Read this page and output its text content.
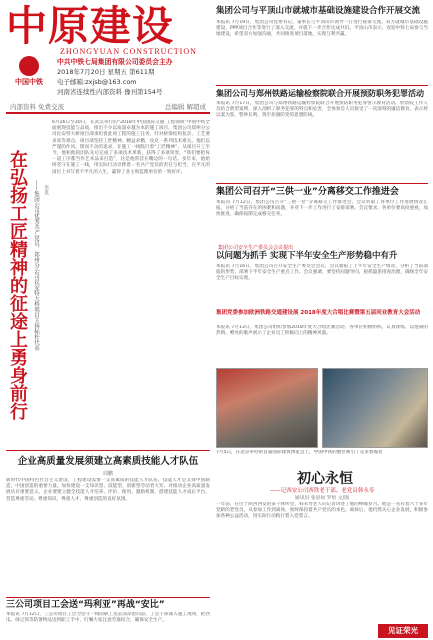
中原建设
ZHONGYUAN CONSTRUCTION
中国中铁
中共中铁七局集团有限公司委员会主办
2018年7月20日 星期五 第611期
电子邮箱:zxjsb@163.com
河南省连续性内部资料 豫刊第154号
内部资料 免费交流	总编辑 解超成
在弘扬工匠精神的征途上勇身前行 ——集团公司优秀共产党员、郑州分公司民安特大桥项目主扬标杆代表 李英
6月26日至30日，在武汉举行的“2018年中国国际交通·工程领域”中国中铁全面展现技能与品质，推出不少以质量卓越为本的施工项目。集团公司郑州分公司民安特大桥项目部承担着此项工程的施工任务，针对桥梁结构复杂、工艺要求高等难点，项目部坚持工匠精神，精益求精，攻克一系列技术难关。他们以严谨的作风，锲而不舍的追求，在施工一线践行着“工匠精神”。从项目开工至今，他和他的团队先后完成了多项技术革新，获得了多项荣誉。“我们要把每一道工序都当作艺术品来打造”，这是他常挂在嘴边的一句话。多年来，他始终坚守在施工一线，用实际行动诠释着一名共产党员的责任与担当，在平凡的岗位上书写着不平凡的人生，赢得了业主和监理单位的一致好评。
集团公司与平顶山市就城市基础设施建设合作开展交流
本报讯 7月19日，集团公司党委书记、董事长与平顶山市领导一行进行座谈交流。双方就城市基础设施建设、PPP项目合作等进行了深入交流，并就下一步合作达成共识。平顶山市表示，欢迎中铁七局参与当地建设，希望双方加强沟通，共同推进项目落地，实现互利共赢。
集团公司与郑州铁路运输检察院联合开展预防职务犯罪活动
本报讯 7月17日，集团公司与郑州铁路运输检察院联合开展预防职务犯罪警示教育活动。检察院工作人员结合典型案例，深入剖析了职务犯罪的特点和危害，全体参会人员接受了一次深刻的廉洁教育，表示将以案为鉴，警钟长鸣，筑牢拒腐防变的思想防线。
集团公司召开“三供一业”分离移交工作推进会
本报讯 7月12日，集团公司召开“三供一业”分离移交工作推进会，会议听取了各单位工作进展情况汇报，分析了当前存在的困难和问题，并对下一步工作进行了安排部署。会议要求，各单位要高度重视，加快推进，确保按期完成移交任务。
集团公司安全生产委员会会议提出
以问题为抓手 实现下半年安全生产形势稳中有升
本报讯 7月16日，集团公司召开安全生产委员会会议，会议通报了上半年安全生产情况，分析了当前面临的形势，部署下半年安全生产重点工作。会议强调，要坚持问题导向，狠抓隐患排查治理，确保全年安全生产目标实现。
集团党委参加欧洲铁路交通建设展 2018年度大合唱比赛暨第五届同业教育大会活动
本报讯 7月13日，集团公司组织参加2018年度大合唱比赛活动，各单位积极组织，认真排练，以饱满的热情、嘹亮的歌声展示了企业员工积极向上的精神风貌。
7月5日，在北京举办的首届国际建筑博览会上，中国中铁的展位吸引了众多参观者
企业高质量发展须建立高素质技能人才队伍
周鹏
新时代中国特色社会主义建设，工程建设需要一支高素质的技能人才队伍。技能人才是支撑中国制造、中国创造的重要力量。加快建设一支知识型、技能型、创新型劳动者大军，对推动企业高质量发展具有重要意义。企业要建立健全技能人才培养、评价、使用、激励机制，搭建技能人才成长平台，营造尊重劳动、尊重知识、尊重人才、尊重创造的良好氛围。
初心永恒
——记西安公司西铁老干部、老党员韩永寿
通讯员 张思如 罗恒 文/图
一年前，在位于陕西西安的某干休所里，韩永寿老人向记者讲述了他的峥嵘岁月。他是一名有着六十多年党龄的老党员，从参加工作到离休，始终保持着共产党员的本色。离休后，他仍然关心企业发展，积极参加各种公益活动，用实际行动践行着入党誓言。
三公司项目工会送“玛利亚”再战“安比”
本报讯 7月12日，三公司项目工会为坚守一线的职工送去清凉慰问品。工会干部深入施工现场，把西瓜、绿豆汤等防暑物品送到职工手中，叮嘱大家注意劳逸结合，确保安全生产。
见证荣光
